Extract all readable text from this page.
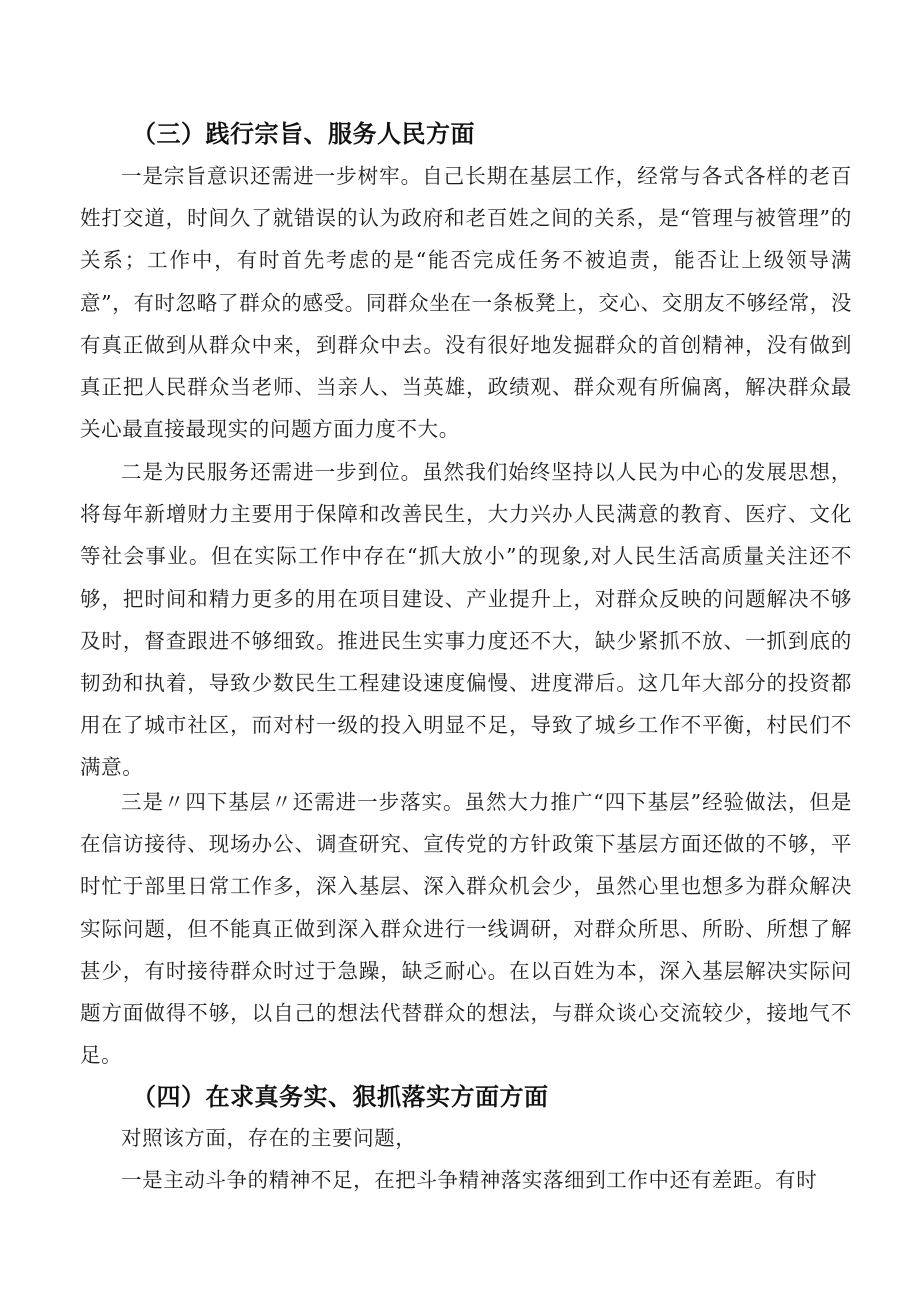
（三）践行宗旨、服务人民方面

一是宗旨意识还需进一步树牢。自己长期在基层工作，经常与各式各样的老百姓打交道，时间久了就错误的认为政府和老百姓之间的关系，是“管理与被管理”的关系；工作中，有时首先考虑的是“能否完成任务不被追责，能否让上级领导满意”，有时忽略了群众的感受。同群众坐在一条板凳上，交心、交朋友不够经常，没有真正做到从群众中来，到群众中去。没有很好地发掘群众的首创精神，没有做到真正把人民群众当老师、当亲人、当英雄，政绩观、群众观有所偏离，解决群众最关心最直接最现实的问题方面力度不大。

二是为民服务还需进一步到位。虽然我们始终坚持以人民为中心的发展思想，将每年新增财力主要用于保障和改善民生，大力兴办人民满意的教育、医疗、文化等社会事业。但在实际工作中存在“抓大放小”的现象,对人民生活高质量关注还不够，把时间和精力更多的用在项目建设、产业提升上，对群众反映的问题解决不够及时，督查跟进不够细致。推进民生实事力度还不大，缺少紧抓不放、一抓到底的韧劲和执着，导致少数民生工程建设速度偏慢、进度滞后。这几年大部分的投资都用在了城市社区，而对村一级的投入明显不足，导致了城乡工作不平衡，村民们不满意。

三是〃四下基层〃还需进一步落实。虽然大力推广“四下基层”经验做法，但是在信访接待、现场办公、调查研究、宣传党的方针政策下基层方面还做的不够，平时忙于部里日常工作多，深入基层、深入群众机会少，虽然心里也想多为群众解决实际问题，但不能真正做到深入群众进行一线调研，对群众所思、所盼、所想了解甚少，有时接待群众时过于急躁，缺乏耐心。在以百姓为本，深入基层解决实际问题方面做得不够，以自己的想法代替群众的想法，与群众谈心交流较少，接地气不足。

（四）在求真务实、狠抓落实方面方面

对照该方面，存在的主要问题，

一是主动斗争的精神不足，在把斗争精神落实落细到工作中还有差距。有时
